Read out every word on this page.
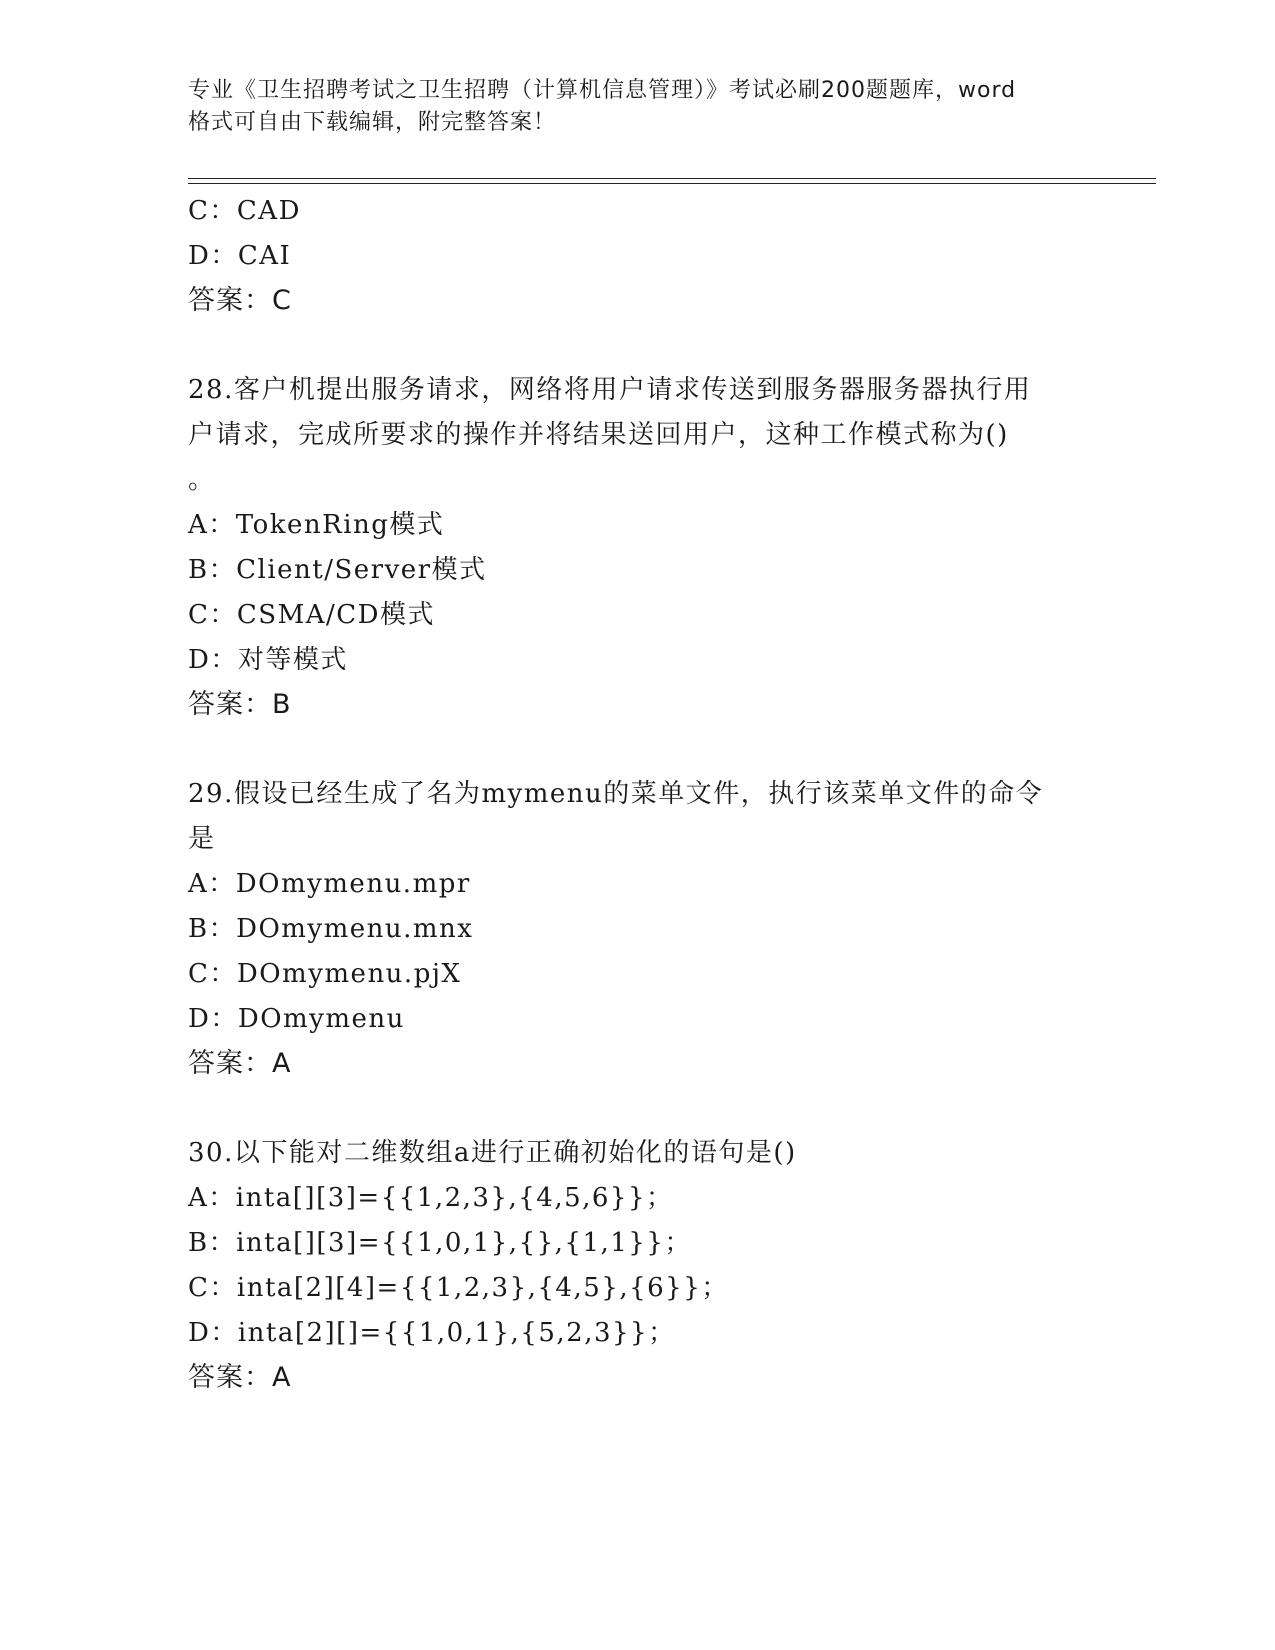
专业《卫生招聘考试之卫生招聘（计算机信息管理）》考试必刷200题题库，word
格式可自由下载编辑，附完整答案！
C：CAD
D：CAI
答案：C
28.客户机提出服务请求，网络将用户请求传送到服务器服务器执行用
户请求，完成所要求的操作并将结果送回用户，这种工作模式称为()
。
A：TokenRing模式
B：Client/Server模式
C：CSMA/CD模式
D：对等模式
答案：B
29.假设已经生成了名为mymenu的菜单文件，执行该菜单文件的命令
是
A：DOmymenu.mpr
B：DOmymenu.mnx
C：DOmymenu.pjX
D：DOmymenu
答案：A
30.以下能对二维数组a进行正确初始化的语句是()
A：inta[][3]={{1,2,3},{4,5,6}}；
B：inta[][3]={{1,0,1},{},{1,1}}；
C：inta[2][4]={{1,2,3},{4,5},{6}}；
D：inta[2][]={{1,0,1},{5,2,3}}；
答案：A
